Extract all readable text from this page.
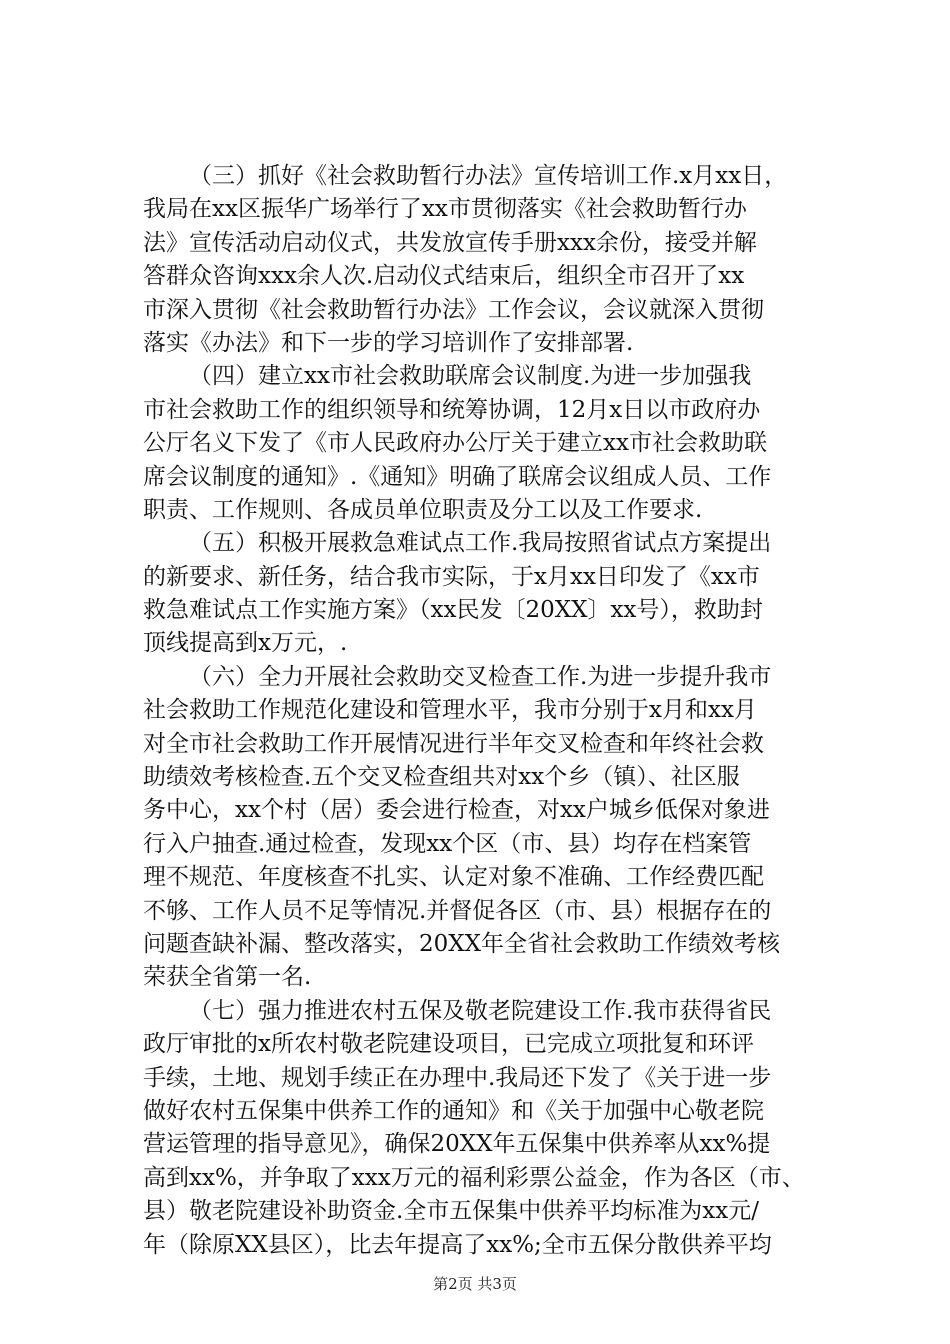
（三）抓好《社会救助暂行办法》宣传培训工作.x月xx日，
我局在xx区振华广场举行了xx市贯彻落实《社会救助暂行办
法》宣传活动启动仪式，共发放宣传手册xxx余份，接受并解
答群众咨询xxx余人次.启动仪式结束后，组织全市召开了xx
市深入贯彻《社会救助暂行办法》工作会议，会议就深入贯彻
落实《办法》和下一步的学习培训作了安排部署.
（四）建立xx市社会救助联席会议制度.为进一步加强我
市社会救助工作的组织领导和统筹协调，12月x日以市政府办
公厅名义下发了《市人民政府办公厅关于建立xx市社会救助联
席会议制度的通知》.《通知》明确了联席会议组成人员、工作
职责、工作规则、各成员单位职责及分工以及工作要求.
（五）积极开展救急难试点工作.我局按照省试点方案提出
的新要求、新任务，结合我市实际，于x月xx日印发了《xx市
救急难试点工作实施方案》（xx民发〔20XX〕xx号），救助封
顶线提高到x万元，.
（六）全力开展社会救助交叉检查工作.为进一步提升我市
社会救助工作规范化建设和管理水平，我市分别于x月和xx月
对全市社会救助工作开展情况进行半年交叉检查和年终社会救
助绩效考核检查.五个交叉检查组共对xx个乡（镇）、社区服
务中心，xx个村（居）委会进行检查，对xx户城乡低保对象进
行入户抽查.通过检查，发现xx个区（市、县）均存在档案管
理不规范、年度核查不扎实、认定对象不准确、工作经费匹配
不够、工作人员不足等情况.并督促各区（市、县）根据存在的
问题查缺补漏、整改落实，20XX年全省社会救助工作绩效考核
荣获全省第一名.
（七）强力推进农村五保及敬老院建设工作.我市获得省民
政厅审批的x所农村敬老院建设项目，已完成立项批复和环评
手续，土地、规划手续正在办理中.我局还下发了《关于进一步
做好农村五保集中供养工作的通知》和《关于加强中心敬老院
营运管理的指导意见》，确保20XX年五保集中供养率从xx%提
高到xx%，并争取了xxx万元的福利彩票公益金，作为各区（市、
县）敬老院建设补助资金.全市五保集中供养平均标准为xx元/
年（除原XX县区），比去年提高了xx%;全市五保分散供养平均
第2页 共3页
